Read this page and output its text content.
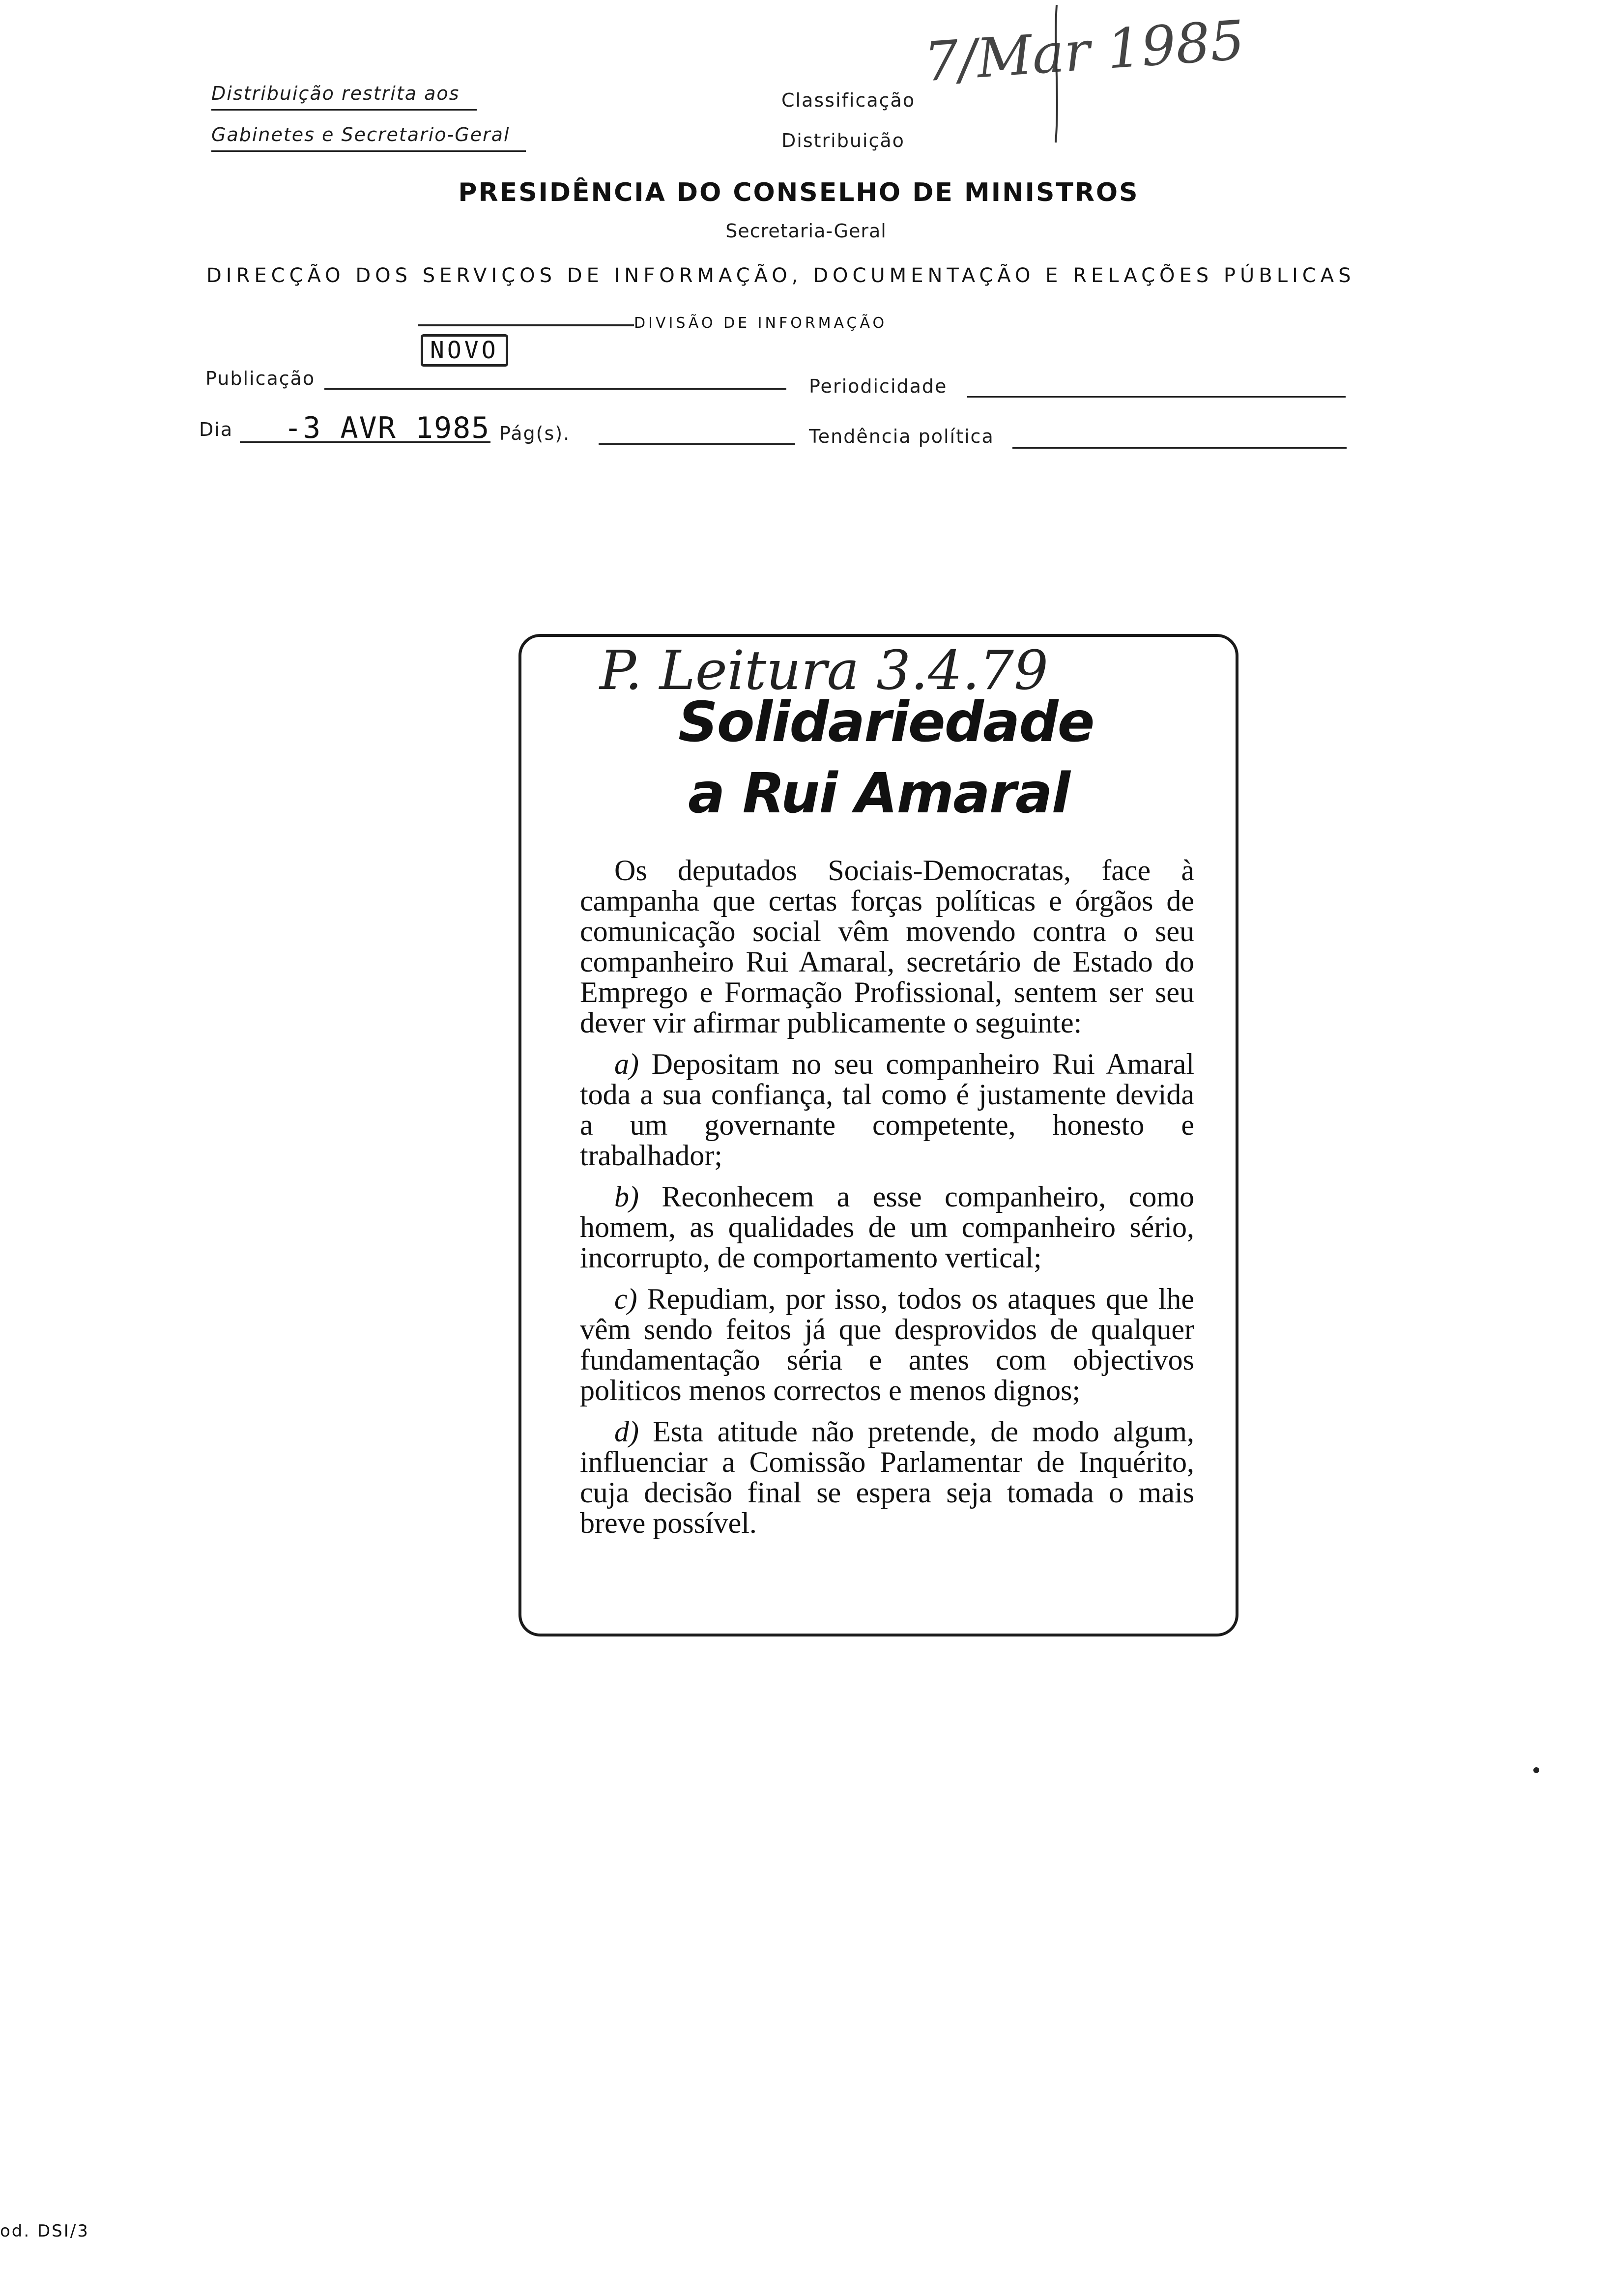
Distribuição restrita aos
Gabinetes e Secretario-Geral
Classificação
Distribuição
7/Mar 1985
PRESIDÊNCIA DO CONSELHO DE MINISTROS
Secretaria-Geral
DIRECÇÃO DOS SERVIÇOS DE INFORMAÇÃO, DOCUMENTAÇÃO E RELAÇÕES PÚBLICAS
DIVISÃO DE INFORMAÇÃO
Publicação
NOVO
Periodicidade
Dia -3 AVR 1985 Pág(s).	Tendência política
P. Leitura 3.4.79
Solidariedade
a Rui Amaral

Os deputados Sociais-Democratas, face à campanha que certas forças políticas e órgãos de comunicação social vêm movendo contra o seu companheiro Rui Amaral, secretário de Estado do Emprego e Formação Profissional, sentem ser seu dever vir afirmar publicamente o seguinte:

a) Depositam no seu companheiro Rui Amaral toda a sua confiança, tal como é justamente devida a um governante competente, honesto e trabalhador;

b) Reconhecem a esse companheiro, como homem, as qualidades de um companheiro sério, incorrupto, de comportamento vertical;

c) Repudiam, por isso, todos os ataques que lhe vêm sendo feitos já que desprovidos de qualquer fundamentação séria e antes com objectivos politicos menos correctos e menos dignos;

d) Esta atitude não pretende, de modo algum, influenciar a Comissão Parlamentar de Inquérito, cuja decisão final se espera seja tomada o mais breve possível.

od. DSI/3
